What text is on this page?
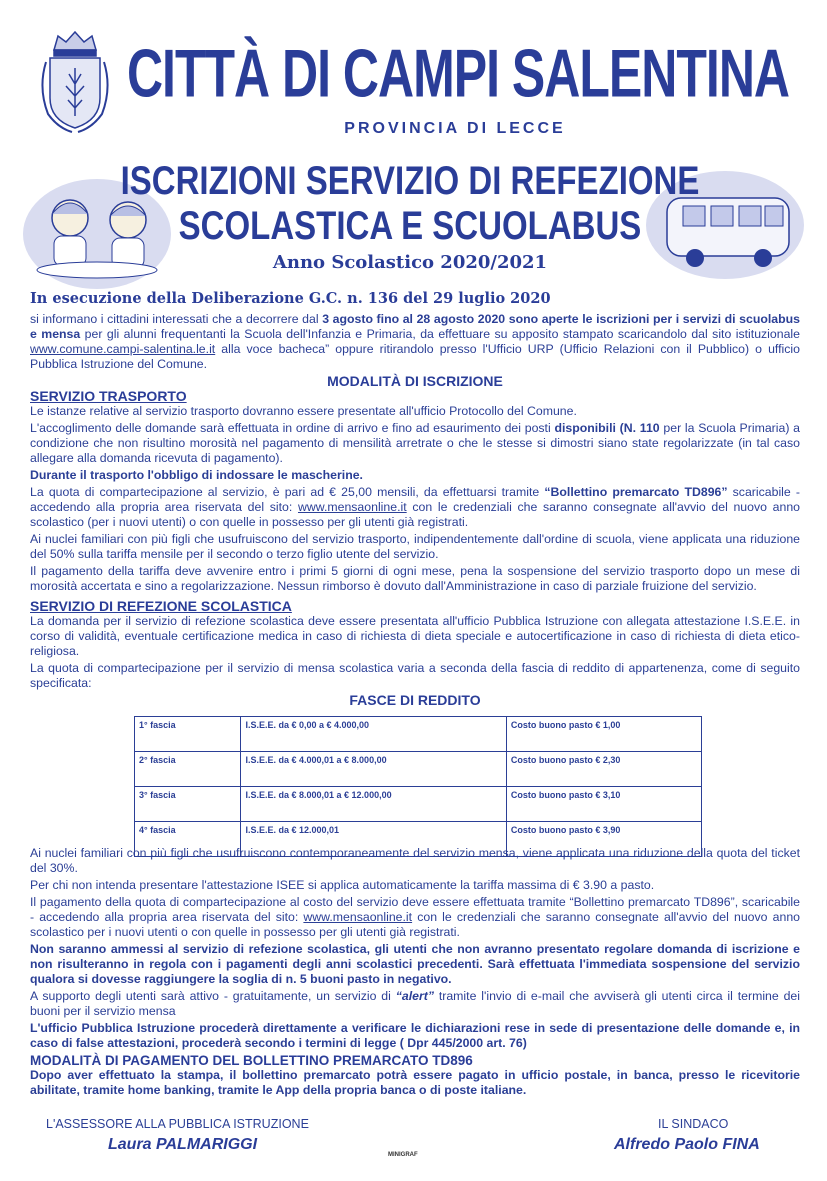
CITTÀ DI CAMPI SALENTINA
PROVINCIA DI LECCE
ISCRIZIONI SERVIZIO DI REFEZIONE
SCOLASTICA E SCUOLABUS
Anno Scolastico 2020/2021
In esecuzione della Deliberazione G.C. n. 136 del 29 luglio 2020

si informano i cittadini interessati che a decorrere dal 3 agosto fino al 28 agosto 2020 sono aperte le iscrizioni per i servizi di scuolabus e mensa per gli alunni frequentanti la Scuola dell'Infanzia e Primaria, da effettuare su apposito stampato scaricandolo dal sito istituzionale www.comune.campi-salentina.le.it alla voce bacheca” oppure ritirandolo presso l'Ufficio URP (Ufficio Relazioni con il Pubblico) o ufficio Pubblica Istruzione del Comune.

MODALITÀ DI ISCRIZIONE
SERVIZIO TRASPORTO

Le istanze relative al servizio trasporto dovranno essere presentate all'ufficio Protocollo del Comune.

L'accoglimento delle domande sarà effettuata in ordine di arrivo e fino ad esaurimento dei posti disponibili (N. 110 per la Scuola Primaria) a condizione che non risultino morosità nel pagamento di mensilità arretrate o che le stesse si dimostri siano state regolarizzate (in tal caso allegare alla domanda ricevuta di pagamento).

Durante il trasporto l'obbligo di indossare le mascherine.

La quota di compartecipazione al servizio, è pari ad € 25,00 mensili, da effettuarsi tramite “Bollettino premarcato TD896” scaricabile - accedendo alla propria area riservata del sito: www.mensaonline.it con le credenziali che saranno consegnate all'avvio del nuovo anno scolastico (per i nuovi utenti) o con quelle in possesso per gli utenti già registrati.

Ai nuclei familiari con più figli che usufruiscono del servizio trasporto, indipendentemente dall'ordine di scuola, viene applicata una riduzione del 50% sulla tariffa mensile per il secondo o terzo figlio utente del servizio.

Il pagamento della tariffa deve avvenire entro i primi 5 giorni di ogni mese, pena la sospensione del servizio trasporto dopo un mese di morosità accertata e sino a regolarizzazione. Nessun rimborso è dovuto dall'Amministrazione in caso di parziale fruizione del servizio.

SERVIZIO DI REFEZIONE SCOLASTICA

La domanda per il servizio di refezione scolastica deve essere presentata all'ufficio Pubblica Istruzione con allegata attestazione I.S.E.E. in corso di validità, eventuale certificazione medica in caso di richiesta di dieta speciale e autocertificazione in caso di richiesta di dieta etico-religiosa.

La quota di compartecipazione per il servizio di mensa scolastica varia a seconda della fascia di reddito di appartenenza, come di seguito specificata:

FASCE DI REDDITO
1° fascia	I.S.E.E. da € 0,00 a € 4.000,00	Costo buono pasto € 1,00
2° fascia	I.S.E.E. da € 4.000,01 a € 8.000,00	Costo buono pasto € 2,30
3° fascia	I.S.E.E. da € 8.000,01 a € 12.000,00	Costo buono pasto € 3,10
4° fascia	I.S.E.E. da € 12.000,01	Costo buono pasto € 3,90

Ai nuclei familiari con più figli che usufruiscono contemporaneamente del servizio mensa, viene applicata una riduzione della quota del ticket del 30%.

Per chi non intenda presentare l'attestazione ISEE si applica automaticamente la tariffa massima di € 3.90 a pasto.

Il pagamento della quota di compartecipazione al costo del servizio deve essere effettuata tramite “Bollettino premarcato TD896”, scaricabile - accedendo alla propria area riservata del sito: www.mensaonline.it con le credenziali che saranno consegnate all'avvio del nuovo anno scolastico per i nuovi utenti o con quelle in possesso per gli utenti già registrati.

Non saranno ammessi al servizio di refezione scolastica, gli utenti che non avranno presentato regolare domanda di iscrizione e non risulteranno in regola con i pagamenti degli anni scolastici precedenti. Sarà effettuata l'immediata sospensione del servizio qualora si dovesse raggiungere la soglia di n. 5 buoni pasto in negativo.

A supporto degli utenti sarà attivo - gratuitamente, un servizio di “alert” tramite l'invio di e-mail che avviserà gli utenti circa il termine dei buoni per il servizio mensa

L'ufficio Pubblica Istruzione procederà direttamente a verificare le dichiarazioni rese in sede di presentazione delle domande e, in caso di false attestazioni, procederà secondo i termini di legge ( Dpr 445/2000 art. 76)

MODALITÀ DI PAGAMENTO DEL BOLLETTINO PREMARCATO TD896

Dopo aver effettuato la stampa, il bollettino premarcato potrà essere pagato in ufficio postale, in banca, presso le ricevitorie abilitate, tramite home banking, tramite le App della propria banca o di poste italiane.

L'ASSESSORE ALLA PUBBLICA ISTRUZIONE
Laura PALMARIGGI
IL SINDACO
Alfredo Paolo FINA
MINIGRAF
